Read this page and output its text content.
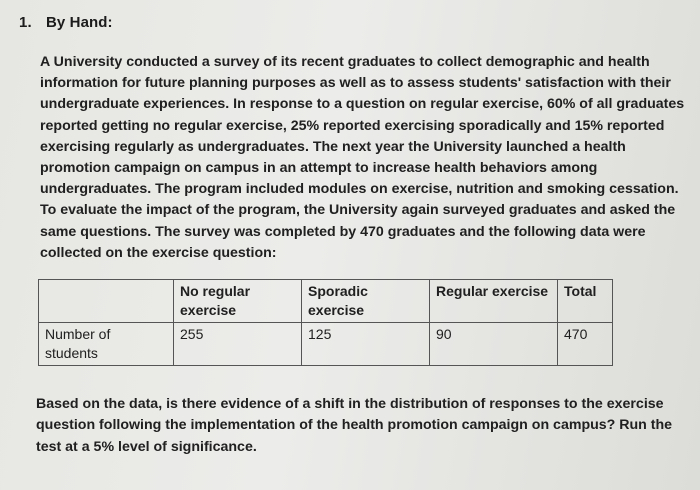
1. By Hand:
A University conducted a survey of its recent graduates to collect demographic and health
information for future planning purposes as well as to assess students' satisfaction with their
undergraduate experiences. In response to a question on regular exercise, 60% of all graduates
reported getting no regular exercise, 25% reported exercising sporadically and 15% reported
exercising regularly as undergraduates. The next year the University launched a health
promotion campaign on campus in an attempt to increase health behaviors among
undergraduates. The program included modules on exercise, nutrition and smoking cessation.
To evaluate the impact of the program, the University again surveyed graduates and asked the
same questions. The survey was completed by 470 graduates and the following data were
collected on the exercise question:
	No regular exercise	Sporadic exercise	Regular exercise	Total
Number of students	255	125	90	470
Based on the data, is there evidence of a shift in the distribution of responses to the exercise
question following the implementation of the health promotion campaign on campus? Run the
test at a 5% level of significance.
